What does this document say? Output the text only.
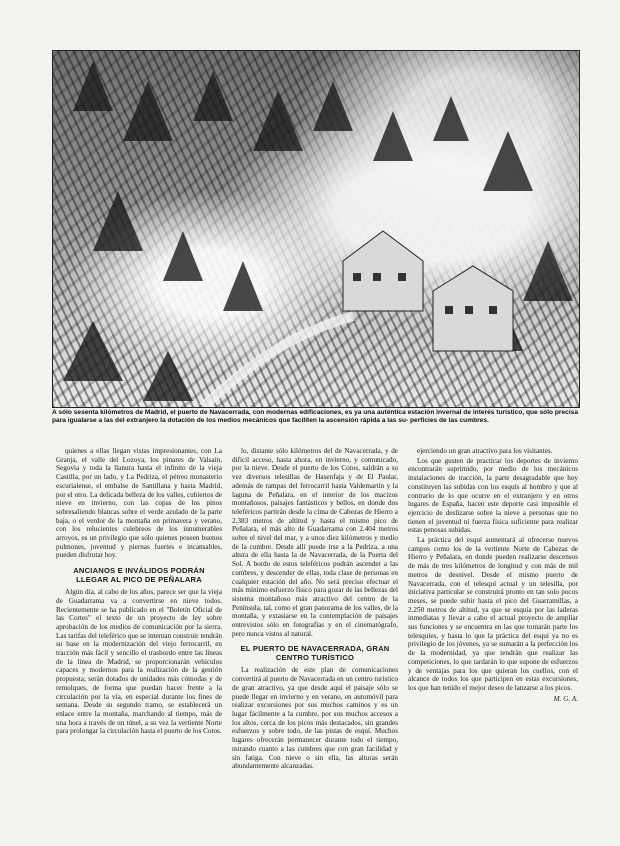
A sólo sesenta kilómetros de Madrid, el puerto de Navacerrada, con modernas edificaciones, es ya una auténtica estación invernal de interés turístico, que sólo precisa para igualarse a las del extranjero la dotación de los medios mecánicos que faciliten la ascensión rápida a las su- perficies de las cumbres.

quienes a ellas llegan vistas impresionantes, con La Granja, el valle del Lozoya, los pinares de Valsaín, Segovia y toda la llanura hasta el infinito de la vieja Castilla, por un lado, y La Pedriza, el pétreo monasterio escurialense, el embalse de Santillana y hasta Madrid, por el otro. La delicada belleza de los valles, cubiertos de nieve en invierno, con las copas de los pinos sobresaliendo blancas sobre el verde azulado de la parte baja, o el verdor de la montaña en primavera y verano, con los relucientes culebreos de los innumerables arroyos, es un privilegio que sólo quienes poseen buenos pulmones, juventud y piernas fuertes e incansables, pueden disfrutar hoy.

ANCIANOS E INVÁLIDOS PODRÁN LLEGAR AL PICO DE PEÑALARA

Algún día, al cabo de los años, parece ser que la vieja de Guadarrama va a convertirse en nieve todos. Recientemente se ha publicado en el "Boletín Oficial de las Cortes" el texto de un proyecto de ley sobre aprobación de los medios de comunicación por la sierra. Las tarifas del teleférico que se intentan construir tendrán su base en la modernización del viejo ferrocarril, en tracción más fácil y sencillo el trasbordo entre las líneas de la línea de Madrid, se proporcionarán vehículos capaces y modernos para la realización de la gestión propuesta; serán dotados de unidades más cómodas y de remolques, de forma que puedan hacer frente a la circulación por la vía, en especial durante los fines de semana. Desde su segundo tramo, se establecerá un enlace entre la montaña, marchando al tiempo, más de una hora a través de un túnel, a su vez la vertiente Norte para prolongar la circulación hasta el puerto de los Cotos.

lo, distante sólo kilómetros del de Navacerrada, y de dificil acceso, hasta ahora, en invierno, y comunicado, por la nieve. Desde el puerto de los Cotos, saldrán a su vez diversos telesillas de Hasenfaja y de El Paular, además de rampas del ferrocarril hasta Valdemartín y la laguna de Peñalara, en el interior de los macizos montañosos, paisajes fantásticos y bellos, en donde dos teleféricos partirán desde la cima de Cabezas de Hierro a 2.383 metros de altitud y hasta el mismo pico de Peñalara, el más alto de Guadarrama con 2.404 metros sobre el nivel del mar, y a unos diez kilómetros y medio de la cumbre. Desde allí puede irse a la Pedriza, a una altura de ella hasta la de Navacerrada, de la Puerta del Sol. A bordo de estos teleféricos podrán ascender a las cumbres, y descender de ellas, toda clase de personas en cualquier estación del año. No será preciso efectuar el más mínimo esfuerzo físico para gozar de las bellezas del sistema montañoso más atractivo del centro de la Península, tal, como el gran panorama de los valles, de la montaña, y extasiarse en la contemplación de paisajes entrevistos sólo en fotografías y en el cinematógrafo, pero nunca vistos al natural.

EL PUERTO DE NAVACERRADA, GRAN CENTRO TURÍSTICO

La realización de este plan de comunicaciones convertirá al puerto de Navacerrada en un centro turístico de gran atractivo, ya que desde aquí el paisaje sólo se puede llegar en invierno y en verano, en automóvil para realizar excursiones por sus muchos caminos y es un lugar fácilmente a la cumbre, por sus muchos accesos a los altos, cerca de los picos más destacados, sin grandes esfuerzos y sobre todo, de las pistas de esquí. Muchos lugares ofrecerán permanecer durante todo el tiempo, mirando cuanto a las cumbres que con gran facilidad y sin fatiga. Con nieve o sin ella, las alturas serán abundantemente alcanzadas.

ejerciendo un gran atractivo para los visitantes.

Los que gusten de practicar los deportes de invierno encontrarán suprimido, por medio de los mecánicos instalaciones de tracción, la parte desagradable que hoy constituyen las subidas con los esquís al hombro y que al contrario de lo que ocurre en el extranjero y en otros lugares de España, hacen este deporte casi imposible el ejercicio de deslizarse sobre la nieve a personas que no tienen el juventud ni fuerza física suficiente para realizar estas penosas subidas.

La práctica del esquí aumentará al ofrecerse nuevos campos como los de la vertiente Norte de Cabezas de Hierro y Peñalara, en donde pueden realizarse descensos de más de tres kilómetros de longitud y con más de mil metros de desnivel. Desde el mismo puerto de Navacerrada, con el telesquí actual y un telesilla, por iniciativa particular se construirá pronto en tan solo pocos meses, se puede subir hasta el pico del Guarramillas, a 2.250 metros de altitud, ya que se esquía por las laderas inmediatas y llevar a cabo el actual proyecto de ampliar sus funciones y se encuentra en las que tomarán parte los telesquíes, y hasta lo que la práctica del esquí ya no es privilegio de los jóvenes, ya se sumarán a la perfección los de la modernidad, ya que tendrán que realizar las competiciones, lo que tardarán lo que supone de esfuerzos y de ventajas para los que quieran los cuellos, con el alcance de todos los que participen en estas excursiones, los que han tenido el mejor deseo de lanzarse a los picos.

M. G. A.
